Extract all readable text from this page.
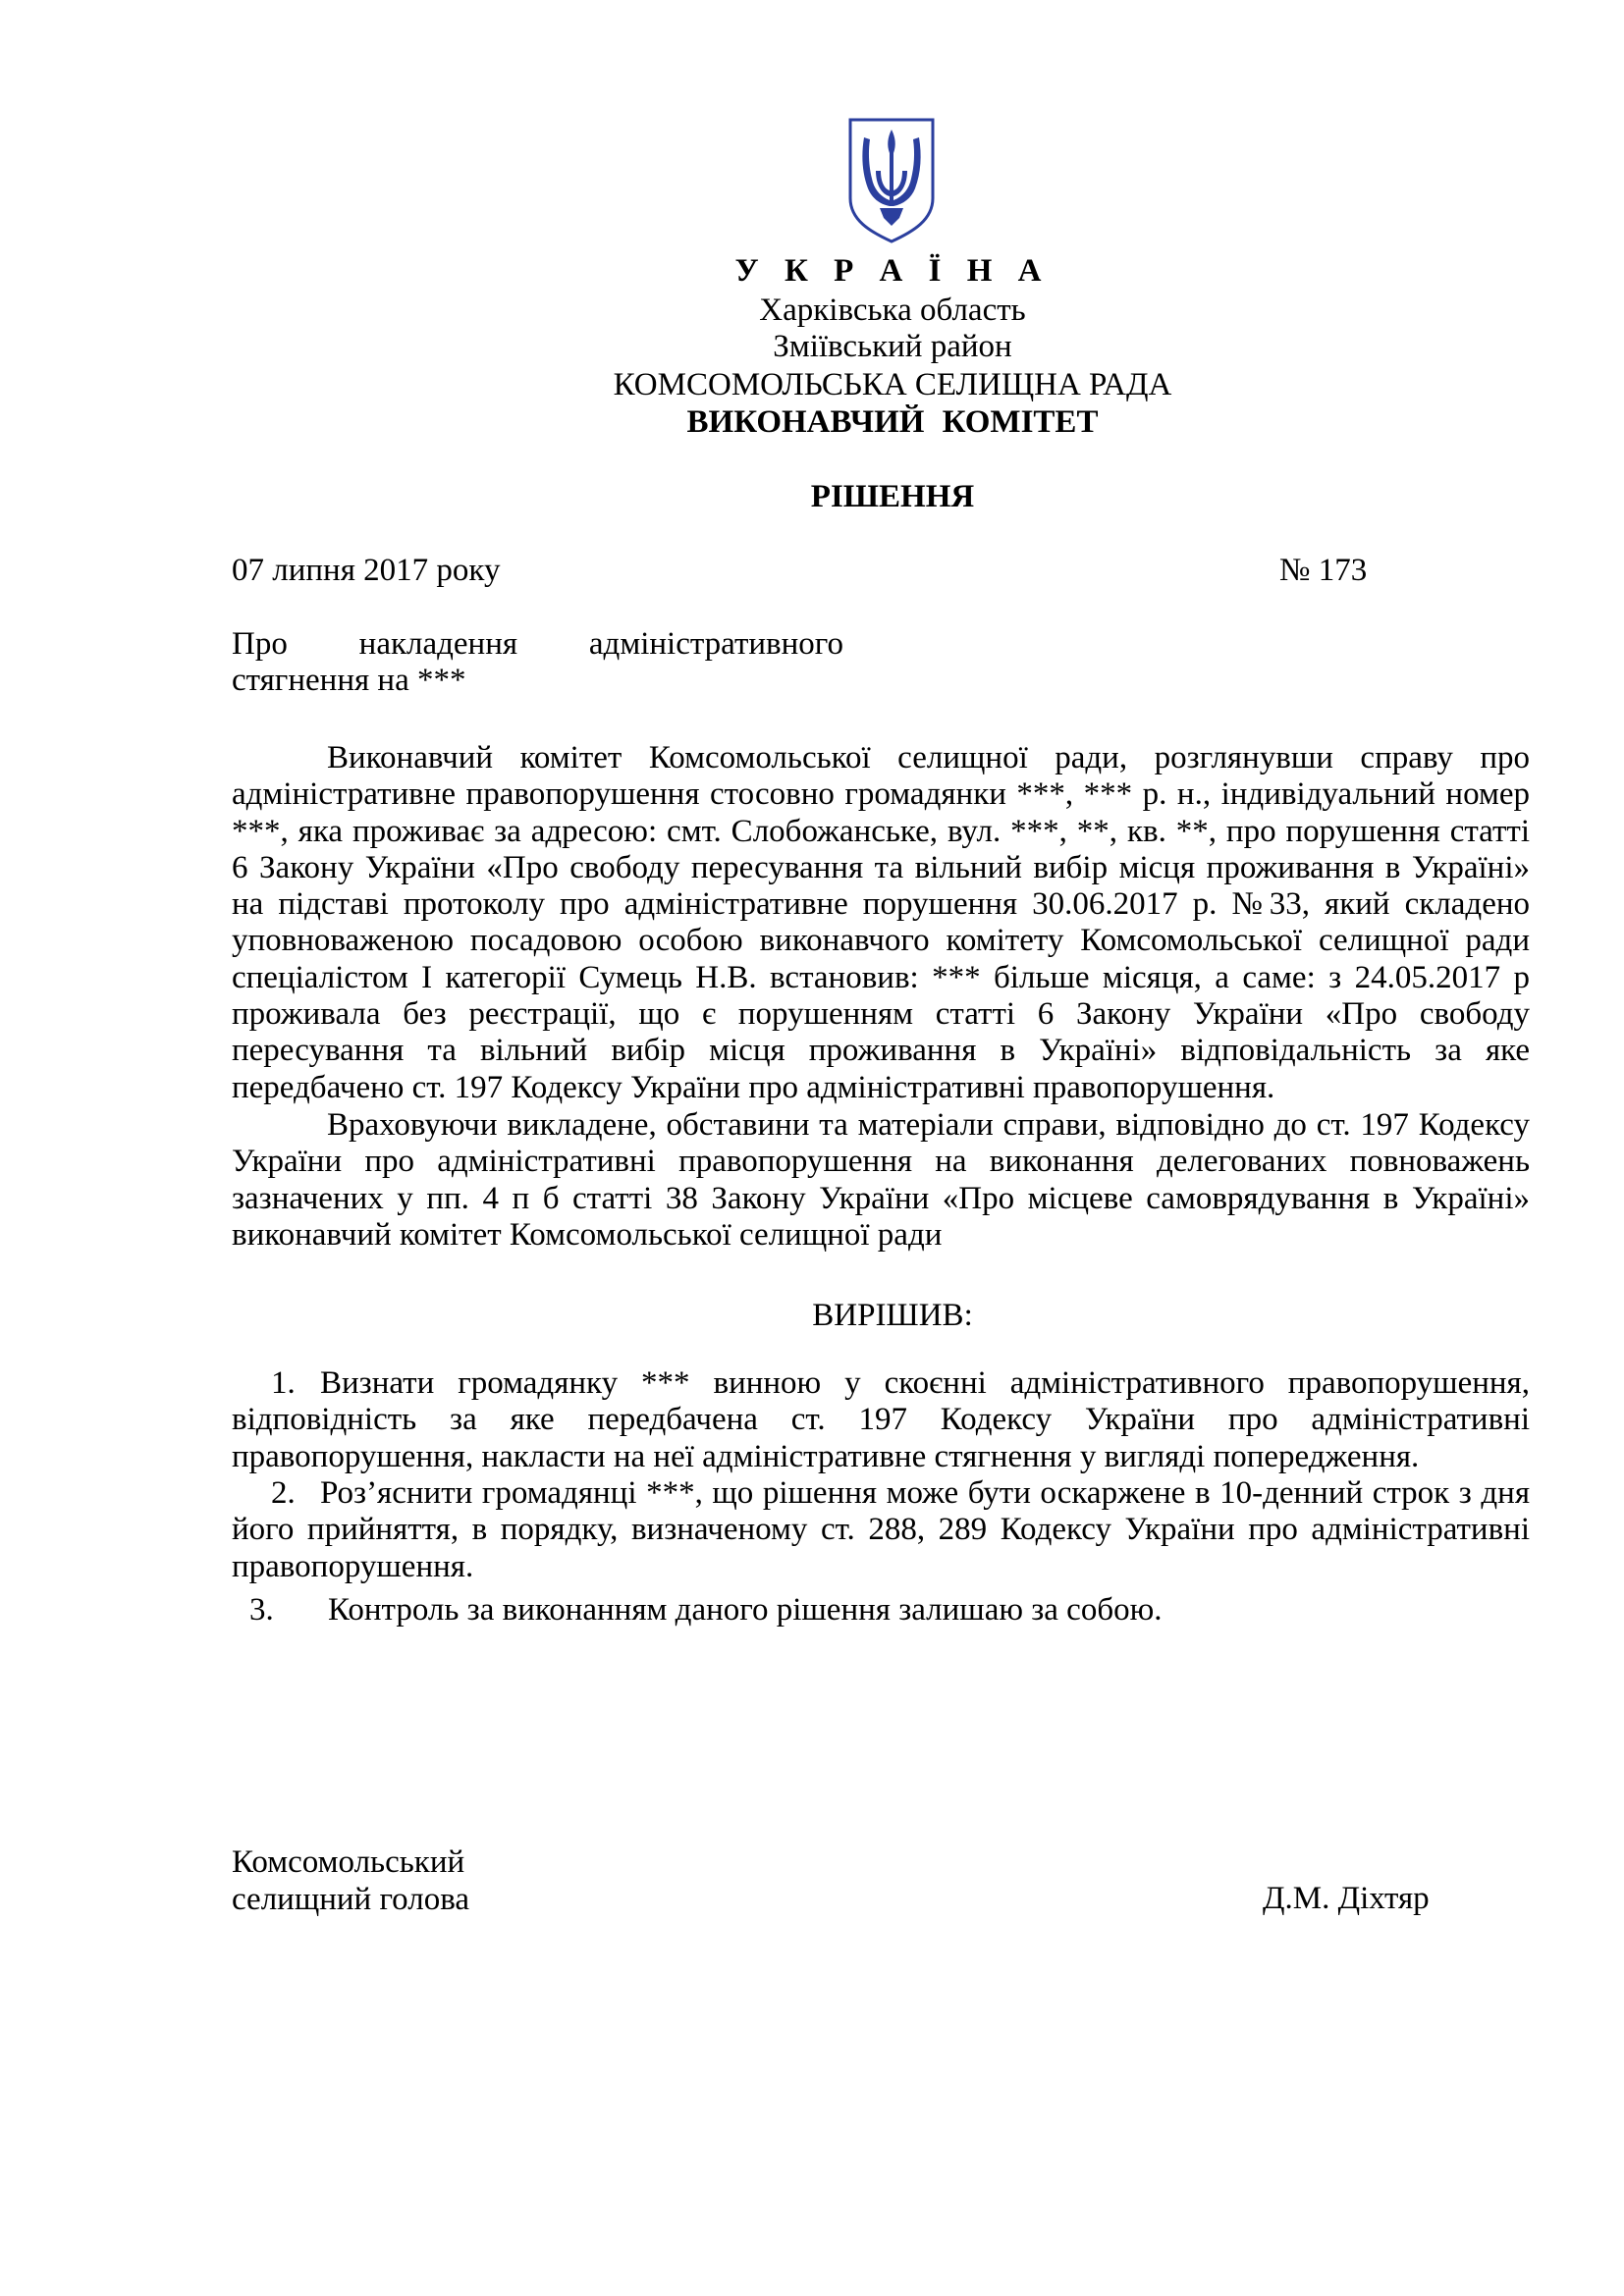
У К Р А Ї Н А
Харківська область
Зміївський район
КОМСОМОЛЬСЬКА СЕЛИЩНА РАДА
ВИКОНАВЧИЙ КОМІТЕТ
РІШЕННЯ
07 липня 2017 року	№ 173
Про накладення адміністративного
стягнення на ***
Виконавчий комітет Комсомольської селищної ради, розглянувши справу про адміністративне правопорушення стосовно громадянки ***, *** р. н., індивідуальний номер ***, яка проживає за адресою: смт. Слобожанське, вул. ***, **, кв. **, про порушення статті 6 Закону України «Про свободу пересування та вільний вибір місця проживання в Україні» на підставі протоколу про адміністративне порушення 30.06.2017 р. №33, який складено уповноваженою посадовою особою виконавчого комітету Комсомольської селищної ради спеціалістом І категорії Сумець Н.В. встановив: *** більше місяця, а саме: з 24.05.2017 р проживала без реєстрації, що є порушенням статті 6 Закону України «Про свободу пересування та вільний вибір місця проживання в Україні» відповідальність за яке передбачено ст. 197 Кодексу України про адміністративні правопорушення.
Враховуючи викладене, обставини та матеріали справи, відповідно до ст. 197 Кодексу України про адміністративні правопорушення на виконання делегованих повноважень зазначених у пп. 4 п б статті 38 Закону України «Про місцеве самоврядування в Україні» виконавчий комітет Комсомольської селищної ради
ВИРІШИВ:
1. Визнати громадянку *** винною у скоєнні адміністративного правопорушення, відповідність за яке передбачена ст. 197 Кодексу України про адміністративні правопорушення, накласти на неї адміністративне стягнення у вигляді попередження.
2. Роз’яснити громадянці ***, що рішення може бути оскаржене в 10-денний строк з дня його прийняття, в порядку, визначеному ст. 288, 289 Кодексу України про адміністративні правопорушення.
3. Контроль за виконанням даного рішення залишаю за собою.
Комсомольський
селищний голова	Д.М. Діхтяр
